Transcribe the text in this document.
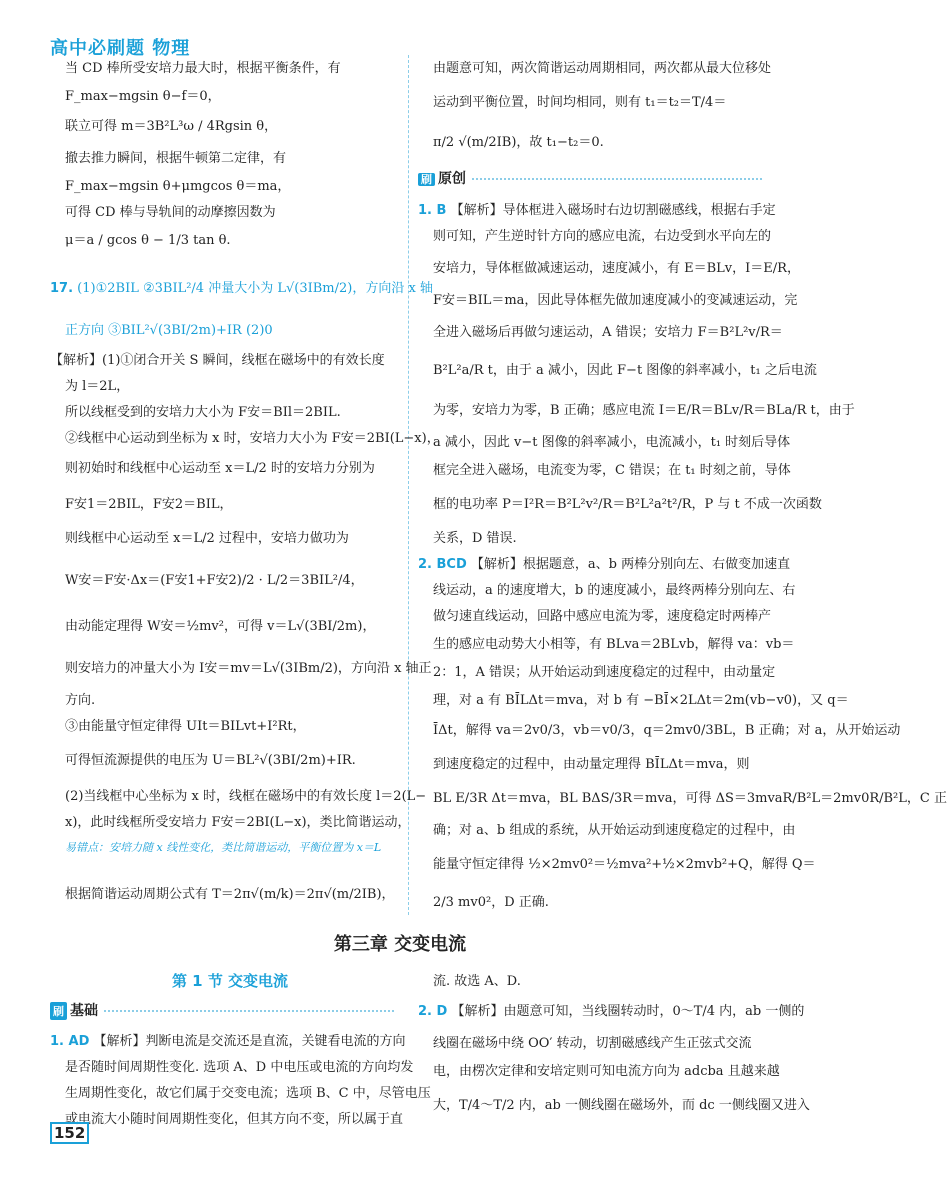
高中必刷题 物理
当 CD 棒所受安培力最大时，根据平衡条件，有
F_max−mgsin θ−f＝0，
联立可得 m＝3B²L³ω / 4Rgsin θ，
撤去推力瞬间，根据牛顿第二定律，有
F_max−mgsin θ+μmgcos θ＝ma，
可得 CD 棒与导轨间的动摩擦因数为
μ＝a / gcos θ − 1/3 tan θ.
17. (1)①2BIL ②3BIL²/4 冲量大小为 L√(3IBm/2)，方向沿 x 轴
正方向 ③BIL²√(3BI/2m)+IR (2)0
【解析】(1)①闭合开关 S 瞬间，线框在磁场中的有效长度
为 l＝2L，
所以线框受到的安培力大小为 F安＝BIl＝2BIL.
②线框中心运动到坐标为 x 时，安培力大小为 F安＝2BI(L−x)，
则初始时和线框中心运动至 x＝L/2 时的安培力分别为
F安1＝2BIL，F安2＝BIL，
则线框中心运动至 x＝L/2 过程中，安培力做功为
W安＝F安·Δx＝(F安1+F安2)/2 · L/2＝3BIL²/4，
由动能定理得 W安＝½mv²，可得 v＝L√(3BI/2m)，
则安培力的冲量大小为 I安＝mv＝L√(3IBm/2)，方向沿 x 轴正
方向.
③由能量守恒定律得 UIt＝BILvt+I²Rt，
可得恒流源提供的电压为 U＝BL²√(3BI/2m)+IR.
(2)当线框中心坐标为 x 时，线框在磁场中的有效长度 l＝2(L−
x)，此时线框所受安培力 F安＝2BI(L−x)，类比简谐运动，
易错点：安培力随 x 线性变化，类比简谐运动，平衡位置为 x＝L
根据简谐运动周期公式有 T＝2π√(m/k)＝2π√(m/2IB)，
由题意可知，两次简谐运动周期相同，两次都从最大位移处
运动到平衡位置，时间均相同，则有 t₁＝t₂＝T/4＝
π/2 √(m/2IB)，故 t₁−t₂＝0.
刷 原创
1. B 【解析】导体框进入磁场时右边切割磁感线，根据右手定
则可知，产生逆时针方向的感应电流，右边受到水平向左的
安培力，导体框做减速运动，速度减小，有 E＝BLv，I＝E/R，
F安＝BIL＝ma，因此导体框先做加速度减小的变减速运动，完
全进入磁场后再做匀速运动，A 错误；安培力 F＝B²L²v/R＝
B²L²a/R t，由于 a 减小，因此 F−t 图像的斜率减小，t₁ 之后电流
为零，安培力为零，B 正确；感应电流 I＝E/R＝BLv/R＝BLa/R t，由于
a 减小，因此 v−t 图像的斜率减小，电流减小，t₁ 时刻后导体
框完全进入磁场，电流变为零，C 错误；在 t₁ 时刻之前，导体
框的电功率 P＝I²R＝B²L²v²/R＝B²L²a²t²/R，P 与 t 不成一次函数
关系，D 错误.
2. BCD 【解析】根据题意，a、b 两棒分别向左、右做变加速直
线运动，a 的速度增大，b 的速度减小，最终两棒分别向左、右
做匀速直线运动，回路中感应电流为零，速度稳定时两棒产
生的感应电动势大小相等，有 BLva＝2BLvb，解得 va：vb＝
2：1，A 错误；从开始运动到速度稳定的过程中，由动量定
理，对 a 有 BĪLΔt＝mva，对 b 有 −BĪ×2LΔt＝2m(vb−v0)，又 q＝
ĪΔt，解得 va＝2v0/3，vb＝v0/3，q＝2mv0/3BL，B 正确；对 a，从开始运动
到速度稳定的过程中，由动量定理得 BĪLΔt＝mva，则
BL E/3R Δt＝mva，BL BΔS/3R＝mva，可得 ΔS＝3mvaR/B²L＝2mv0R/B²L，C 正
确；对 a、b 组成的系统，从开始运动到速度稳定的过程中，由
能量守恒定律得 ½×2mv0²＝½mva²+½×2mvb²+Q，解得 Q＝
2/3 mv0²，D 正确.
第三章 交变电流
第 1 节 交变电流
刷 基础
1. AD 【解析】判断电流是交流还是直流，关键看电流的方向
是否随时间周期性变化. 选项 A、D 中电压或电流的方向均发
生周期性变化，故它们属于交变电流；选项 B、C 中，尽管电压
或电流大小随时间周期性变化，但其方向不变，所以属于直
流. 故选 A、D.
2. D 【解析】由题意可知，当线圈转动时，0～T/4 内，ab 一侧的
线圈在磁场中绕 OO′ 转动，切割磁感线产生正弦式交流
电，由楞次定律和安培定则可知电流方向为 adcba 且越来越
大，T/4～T/2 内，ab 一侧线圈在磁场外，而 dc 一侧线圈又进入
152
